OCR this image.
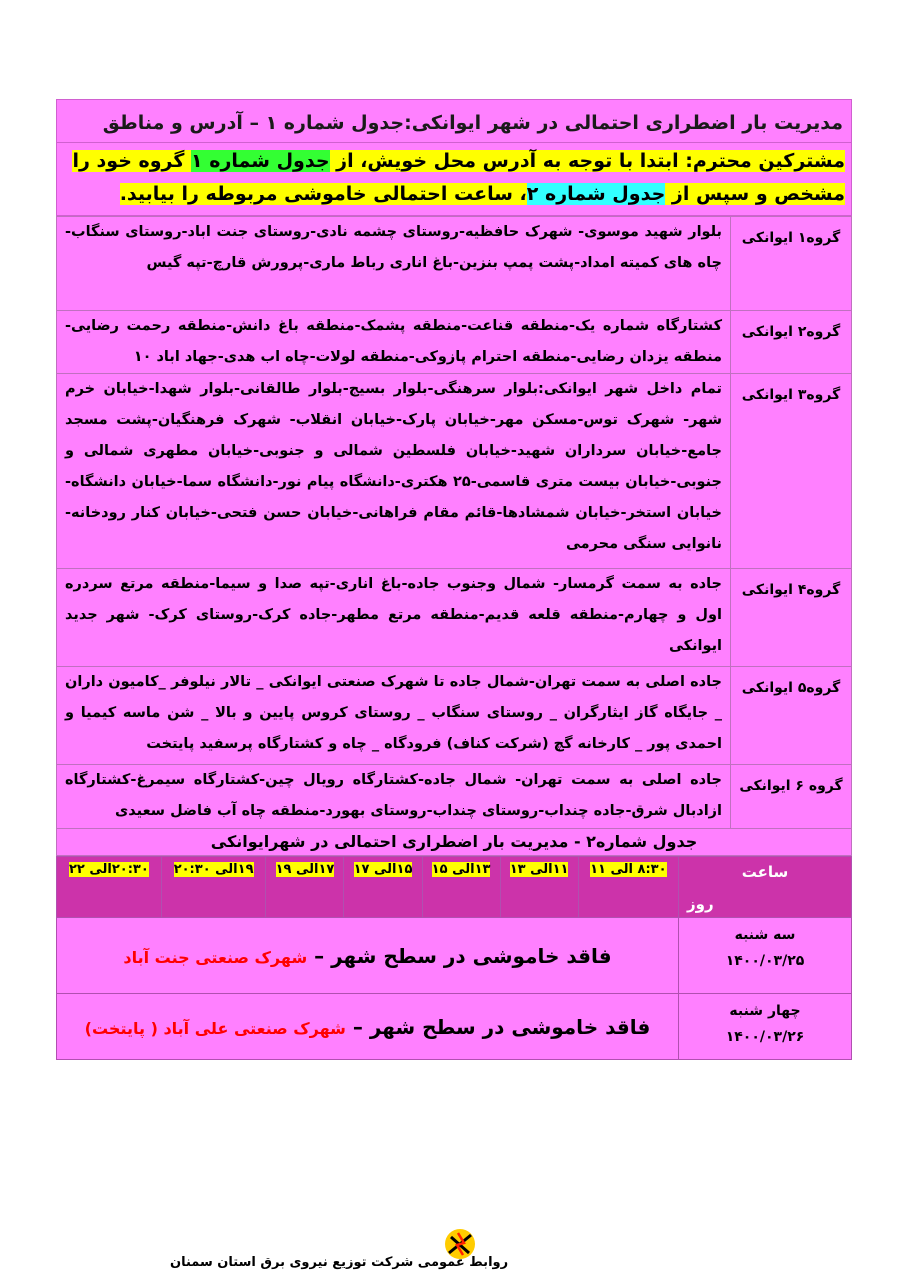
مدیریت بار اضطراری احتمالی در شهر ایوانکی:جدول شماره ۱ – آدرس و مناطق
مشترکین محترم: ابتدا با توجه به آدرس محل خویش، از جدول شماره ۱ گروه خود را مشخص و سپس از جدول شماره ۲، ساعت احتمالی خاموشی مربوطه را بیابید.
گروه۱ ایوانکی	بلوار شهید موسوی- شهرک حافظیه-روستای چشمه نادی-روستای جنت اباد-روستای سنگاب-چاه های کمیته امداد-پشت پمپ بنزین-باغ اناری رباط ماری-پرورش قارچ-تپه گیس
گروه۲ ایوانکی	کشتارگاه شماره یک-منطقه قناعت-منطقه پشمک-منطقه باغ دانش-منطقه رحمت رضایی-منطقه یزدان رضایی-منطقه احترام پازوکی-منطقه لولات-چاه اب هدی-جهاد اباد ۱۰
گروه۳ ایوانکی	تمام داخل شهر ایوانکی:بلوار سرهنگی-بلوار بسیج-بلوار طالقانی-بلوار شهدا-خیابان خرم شهر- شهرک توس-مسکن مهر-خیابان پارک-خیابان انقلاب- شهرک فرهنگیان-پشت مسجد جامع-خیابان سرداران شهید-خیابان فلسطین شمالی و جنوبی-خیابان مطهری شمالی و جنوبی-خیابان بیست متری قاسمی-۲۵ هکتری-دانشگاه پیام نور-دانشگاه سما-خیابان دانشگاه-خیابان استخر-خیابان شمشادها-قائم مقام فراهانی-خیابان حسن فتحی-خیابان کنار رودخانه-نانوایی سنگی محرمی
گروه۴ ایوانکی	جاده به سمت گرمسار- شمال وجنوب جاده-باغ اناری-تپه صدا و سیما-منطقه مرتع سردره اول و چهارم-منطقه قلعه قدیم-منطقه مرتع مطهر-جاده کرک-روستای کرک- شهر جدید ایوانکی
گروه۵ ایوانکی	جاده اصلی به سمت تهران-شمال جاده تا شهرک صنعتی ایوانکی _ تالار نیلوفر _کامیون داران _ جایگاه گاز ایثارگران _ روستای سنگاب _ روستای کروس پایین و بالا _ شن ماسه کیمیا و احمدی پور _ کارخانه گچ (شرکت کناف) فرودگاه _ چاه و کشتارگاه پرسفید پایتخت
گروه ۶ ایوانکی	جاده اصلی به سمت تهران- شمال جاده-کشتارگاه رویال چین-کشتارگاه سیمرغ-کشتارگاه ازادبال شرق-جاده چنداب-روستای چنداب-روستای بهورد-منطقه چاه آب فاضل سعیدی
جدول شماره۲ - مدیریت بار اضطراری احتمالی در شهرایوانکی
ساعت
روز	۸:۳۰ الی ۱۱	۱۱الی ۱۳	۱۳الی ۱۵	۱۵الی ۱۷	۱۷الی ۱۹	۱۹الی ۲۰:۳۰	۲۰:۳۰الی ۲۲

سه شنبه
۱۴۰۰/۰۳/۲۵	فاقد خاموشی در سطح شهر – شهرک صنعتی جنت آباد						

چهار شنبه
۱۴۰۰/۰۳/۲۶	فاقد خاموشی در سطح شهر – شهرک صنعتی علی آباد ( پایتخت)						
روابط عمومی شرکت توزیع نیروی برق استان سمنان
